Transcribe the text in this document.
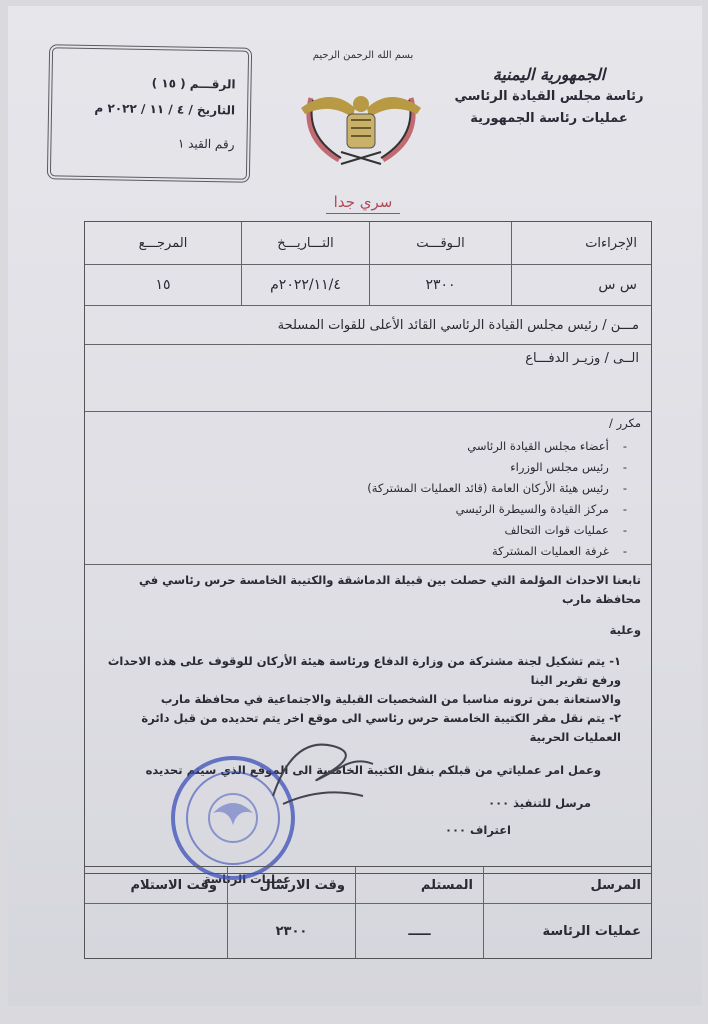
الجمهورية اليمنية
رئاسة مجلس القيادة الرئاسي
عمليات رئاسة الجمهورية
بسم الله الرحمن الرحيم
الرقـــم ( ١٥ )
التاريخ / ٤ / ١١ / ٢٠٢٢ م
رقم القيد ١
سري جدا
الإجراءات
الـوقـــت
التـــاريـــخ
المرجـــع
س س
٢٣٠٠
٢٠٢٢/١١/٤م
١٥
مـــن / رئيس مجلس القيادة الرئاسي القائد الأعلى للقوات المسلحة
الــى / وزيـر الدفـــاع
مكرر /
- أعضاء مجلس القيادة الرئاسي
- رئيس مجلس الوزراء
- رئيس هيئة الأركان العامة (قائد العمليات المشتركة)
- مركز القيادة والسيطرة الرئيسي
- عمليات قوات التحالف
- غرفة العمليات المشتركة

تابعنا الاحداث المؤلمة التي حصلت بين قبيلة الدماشقة والكتيبة الخامسة حرس رئاسي في محافظة مارب

وعلية

١- يتم تشكيل لجنة مشتركة من وزارة الدفاع ورئاسة هيئة الأركان للوقوف على هذه الاحداث ورفع تقرير الينا

والاستعانة بمن ترونه مناسبا من الشخصيات القبلية والاجتماعية في محافظة مارب

٢- يتم نقل مقر الكتيبة الخامسة حرس رئاسي الى موقع اخر يتم تحديده من قبل دائرة العمليات الحربية

وعمل امر عملياتي من قبلكم بنقل الكتيبة الخامسة الى الموقع الذي سيتم تحديده

مرسل للتنفيذ ٠٠٠

اعتراف ٠٠٠

عمليات الرئاسة	المرسل
المستلم
وقت الارسال
وقت الاستلام
عمليات الرئاسة
ـــــ
٢٣٠٠
